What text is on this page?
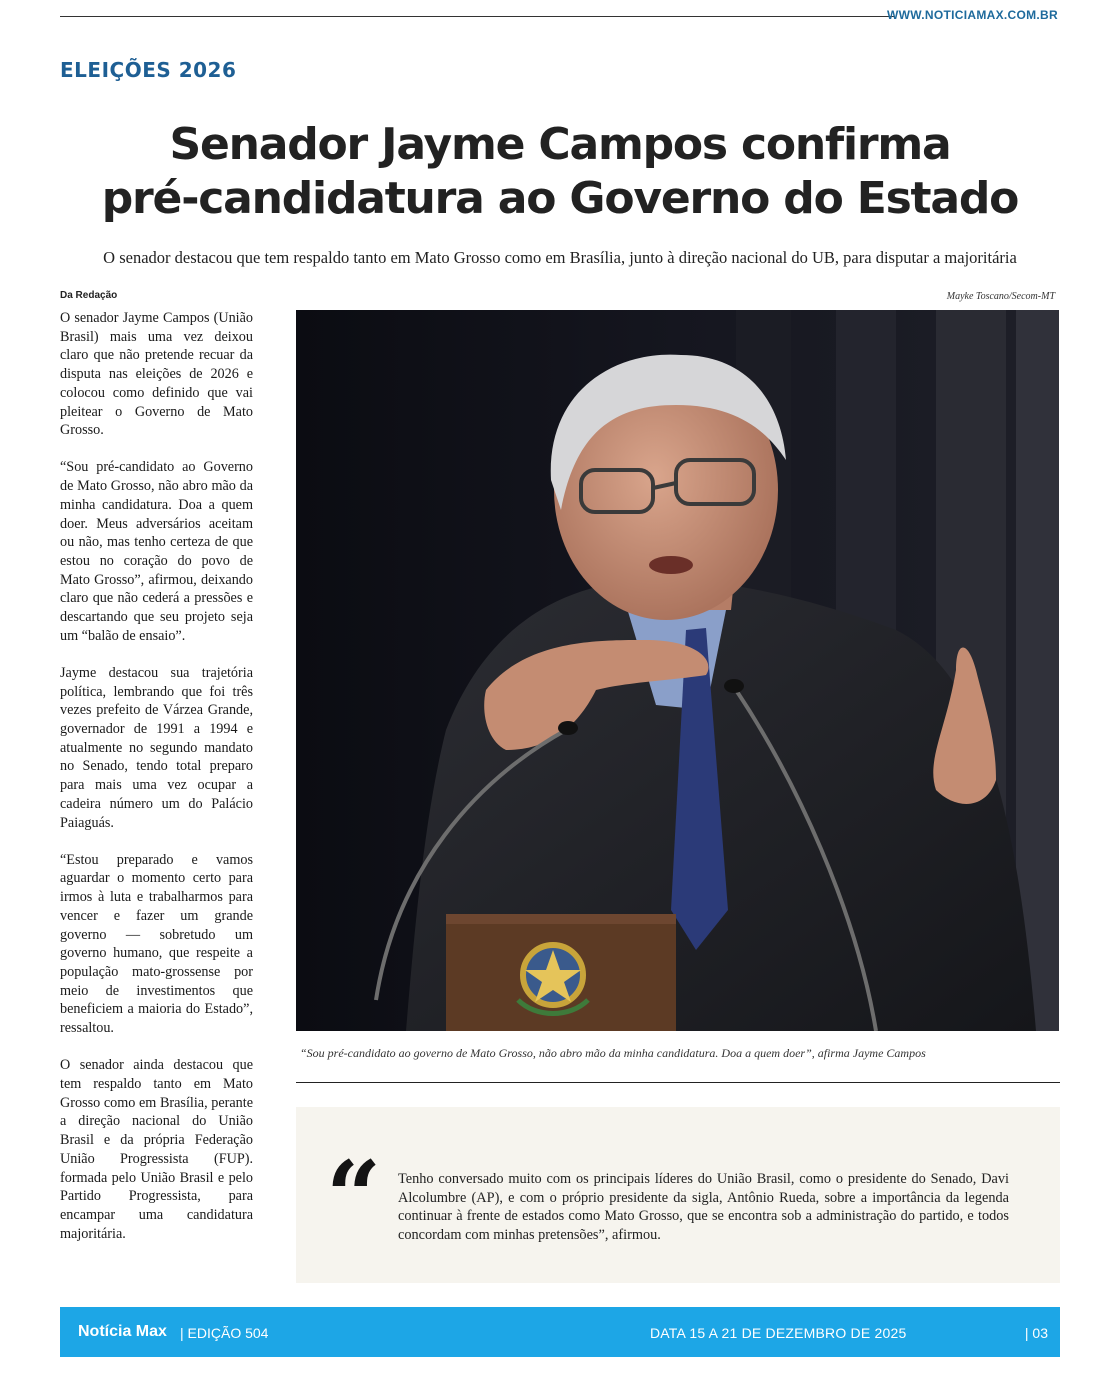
WWW.NOTICIAMAX.COM.BR
ELEIÇÕES 2026
Senador Jayme Campos confirma
pré-candidatura ao Governo do Estado
O senador destacou que tem respaldo tanto em Mato Grosso como em Brasília, junto à direção nacional do UB, para disputar a majoritária
Da Redação

O senador Jayme Campos (União Brasil) mais uma vez deixou claro que não pretende recuar da disputa nas eleições de 2026 e colocou como definido que vai pleitear o Governo de Mato Grosso.

“Sou pré-candidato ao Governo de Mato Grosso, não abro mão da minha candidatura. Doa a quem doer. Meus adversários aceitam ou não, mas tenho certeza de que estou no coração do povo de Mato Grosso”, afirmou, deixando claro que não cederá a pressões e descartando que seu projeto seja um “balão de ensaio”.

Jayme destacou sua trajetória política, lembrando que foi três vezes prefeito de Várzea Grande, governador de 1991 a 1994 e atualmente no segundo mandato no Senado, tendo total preparo para mais uma vez ocupar a cadeira número um do Palácio Paiaguás.

“Estou preparado e vamos aguardar o momento certo para irmos à luta e trabalharmos para vencer e fazer um grande governo — sobretudo um governo humano, que respeite a população mato-grossense por meio de investimentos que beneficiem a maioria do Estado”, ressaltou.

O senador ainda destacou que tem respaldo tanto em Mato Grosso como em Brasília, perante a direção nacional do União Brasil e da própria Federação União Progressista (FUP). formada pelo União Brasil e pelo Partido Progressista, para encampar uma candidatura majoritária.

Mayke Toscano/Secom-MT
“Sou pré-candidato ao governo de Mato Grosso, não abro mão da minha candidatura. Doa a quem doer”, afirma Jayme Campos
“ Tenho conversado muito com os principais líderes do União Brasil, como o presidente do Senado, Davi Alcolumbre (AP), e com o próprio presidente da sigla, Antônio Rueda, sobre a importância da legenda continuar à frente de estados como Mato Grosso, que se encontra sob a administração do partido, e todos concordam com minhas pretensões”, afirmou.
Notícia Max | EDIÇÃO 504	DATA 15 A 21 DE DEZEMBRO DE 2025	| 03
